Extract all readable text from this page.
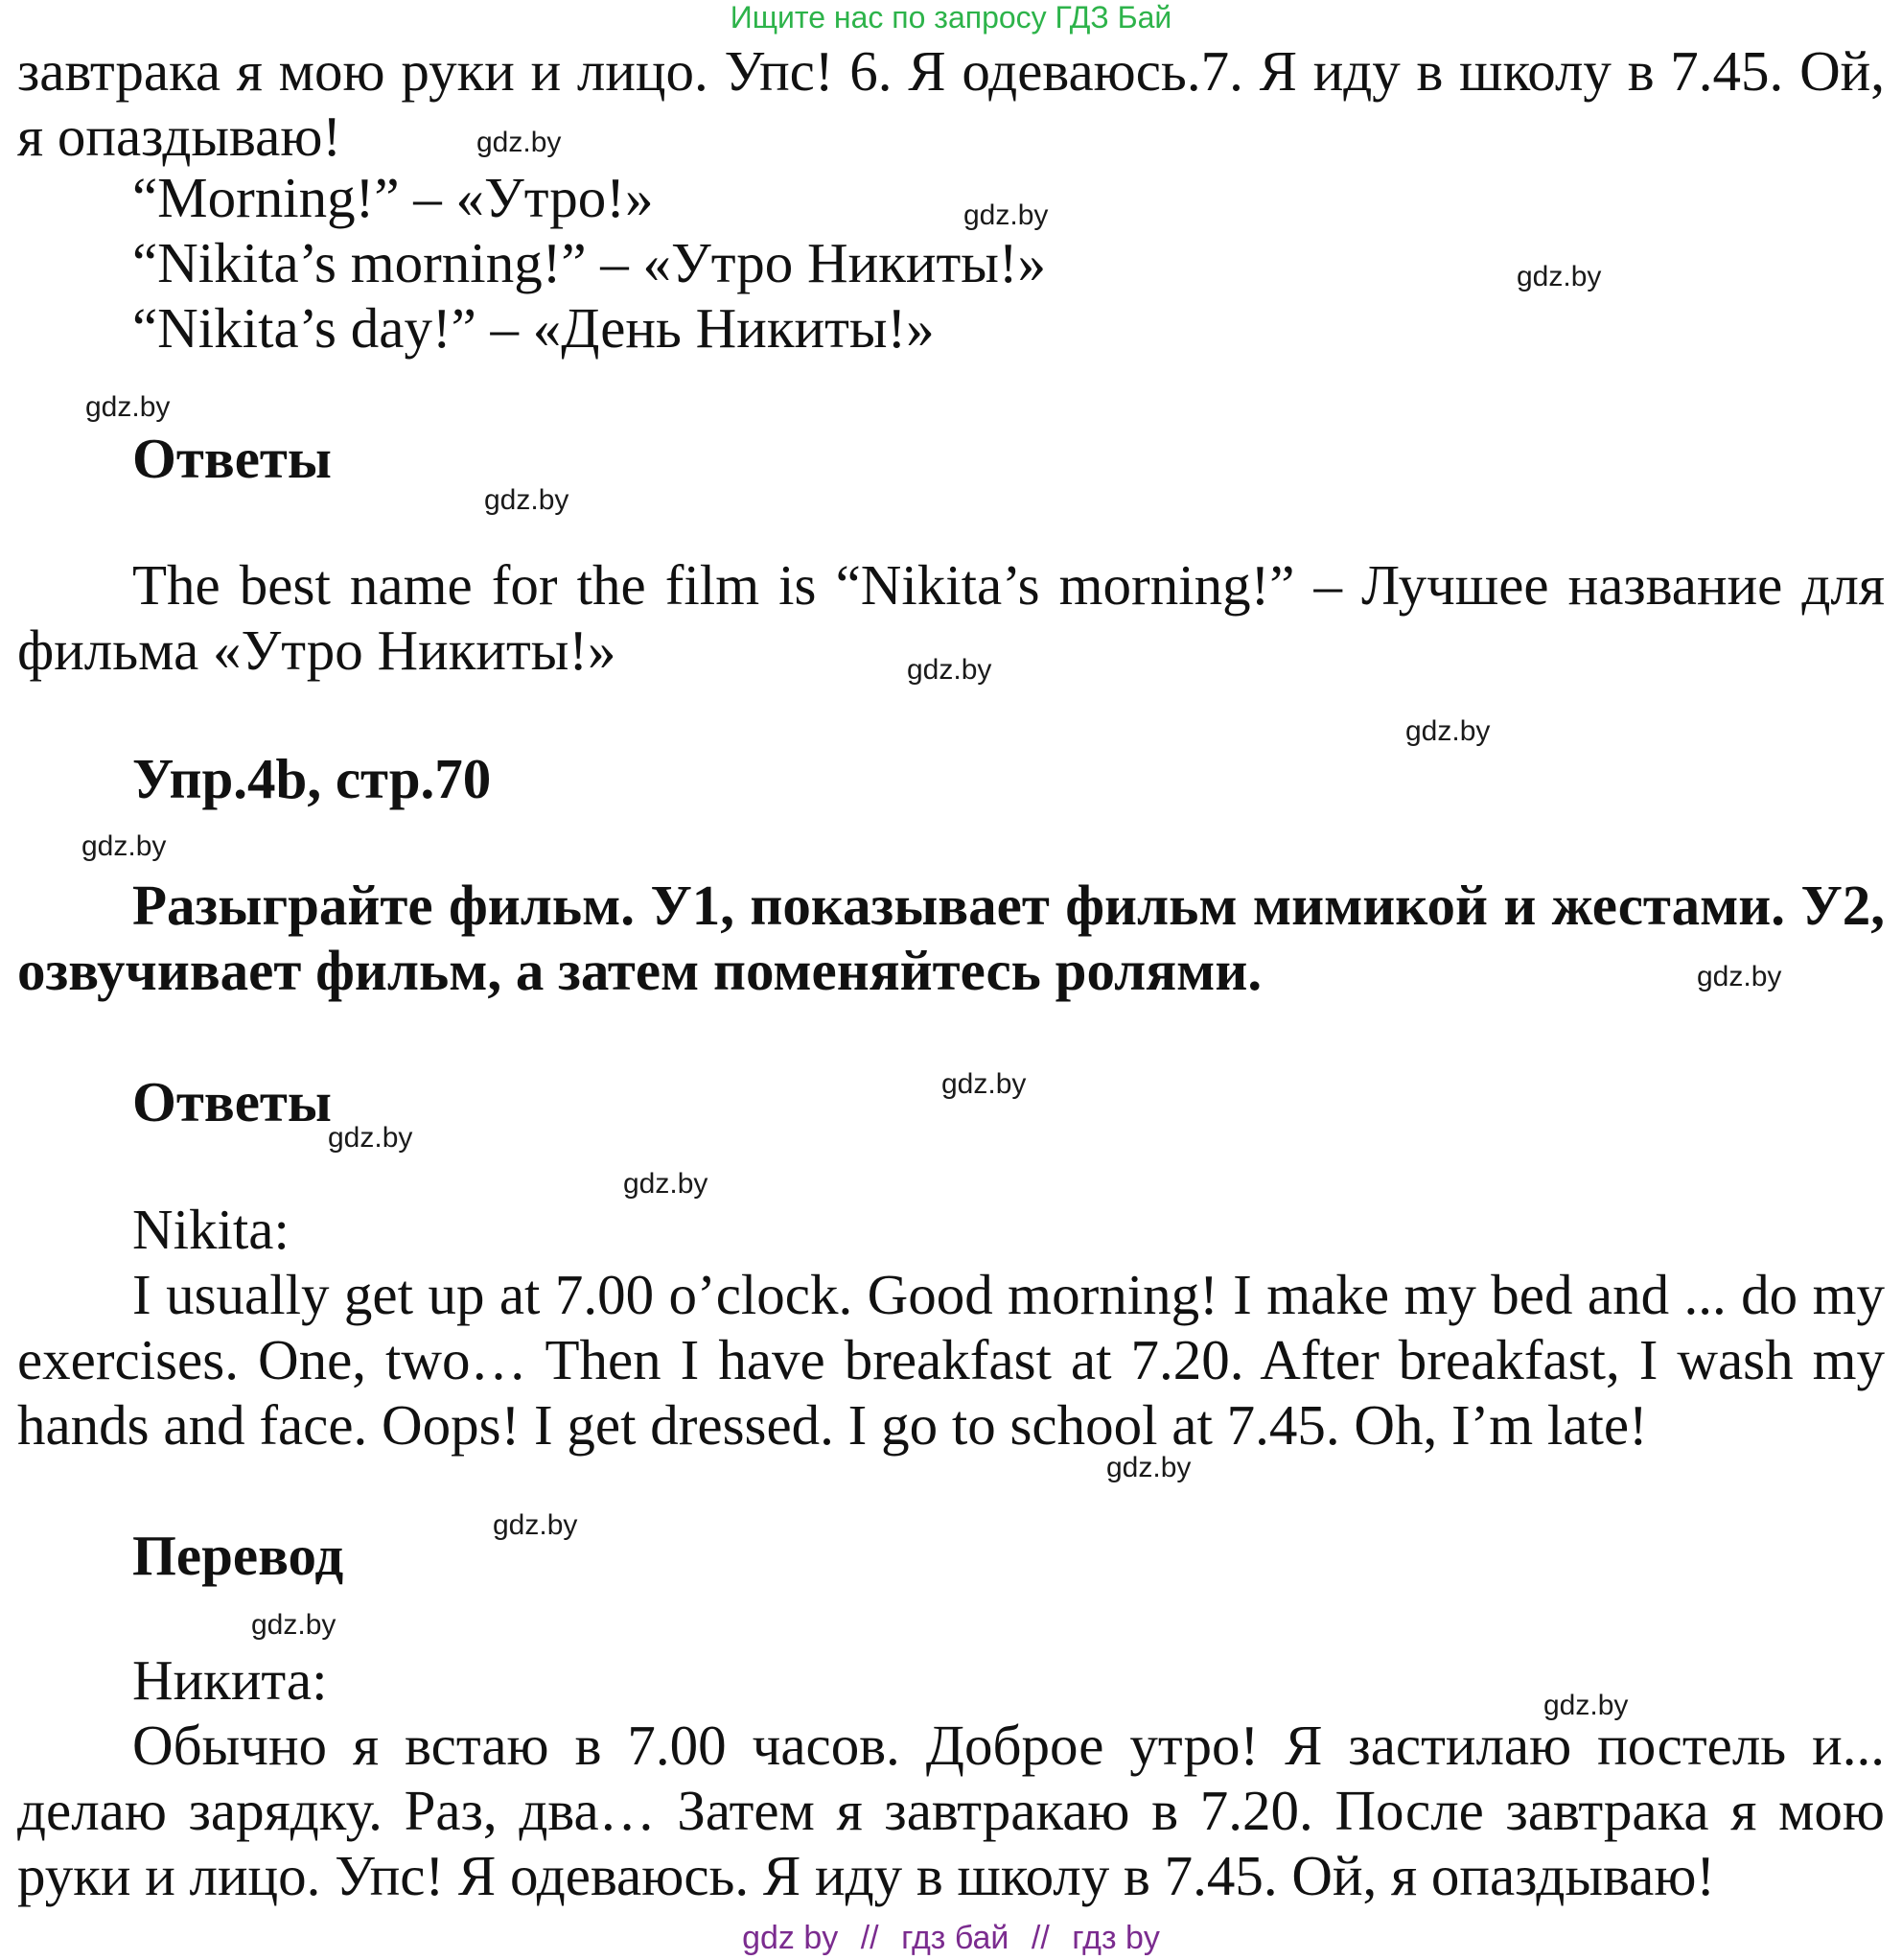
Ищите нас по запросу ГДЗ Бай
завтрака я мою руки и лицо. Упс! 6. Я одеваюсь.7. Я иду в школу в 7.45. Ой,
я опаздываю!
“Morning!” – «Утро!»
“Nikita’s morning!” – «Утро Никиты!»
“Nikita’s day!” – «День Никиты!»
Ответы
The best name for the film is “Nikita’s morning!” – Лучшее название для
фильма «Утро Никиты!»
Упр.4b, стр.70
Разыграйте фильм. У1, показывает фильм мимикой и жестами. У2,
озвучивает фильм, а затем поменяйтесь ролями.
Ответы
Nikita:
I usually get up at 7.00 o’clock. Good morning! I make my bed and ... do my
exercises. One, two… Then I have breakfast at 7.20. After breakfast, I wash my
hands and face. Oops! I get dressed. I go to school at 7.45. Oh, I’m late!
Перевод
Никита:
Обычно я встаю в 7.00 часов. Доброе утро! Я застилаю постель и...
делаю зарядку. Раз, два… Затем я завтракаю в 7.20. После завтрака я мою
руки и лицо. Упс! Я одеваюсь. Я иду в школу в 7.45. Ой, я опаздываю!
gdz.by
gdz.by
gdz.by
gdz.by
gdz.by
gdz.by
gdz.by
gdz.by
gdz.by
gdz.by
gdz.by
gdz.by
gdz.by
gdz.by
gdz.by
gdz.by
gdz by // гдз бай // гдз by
